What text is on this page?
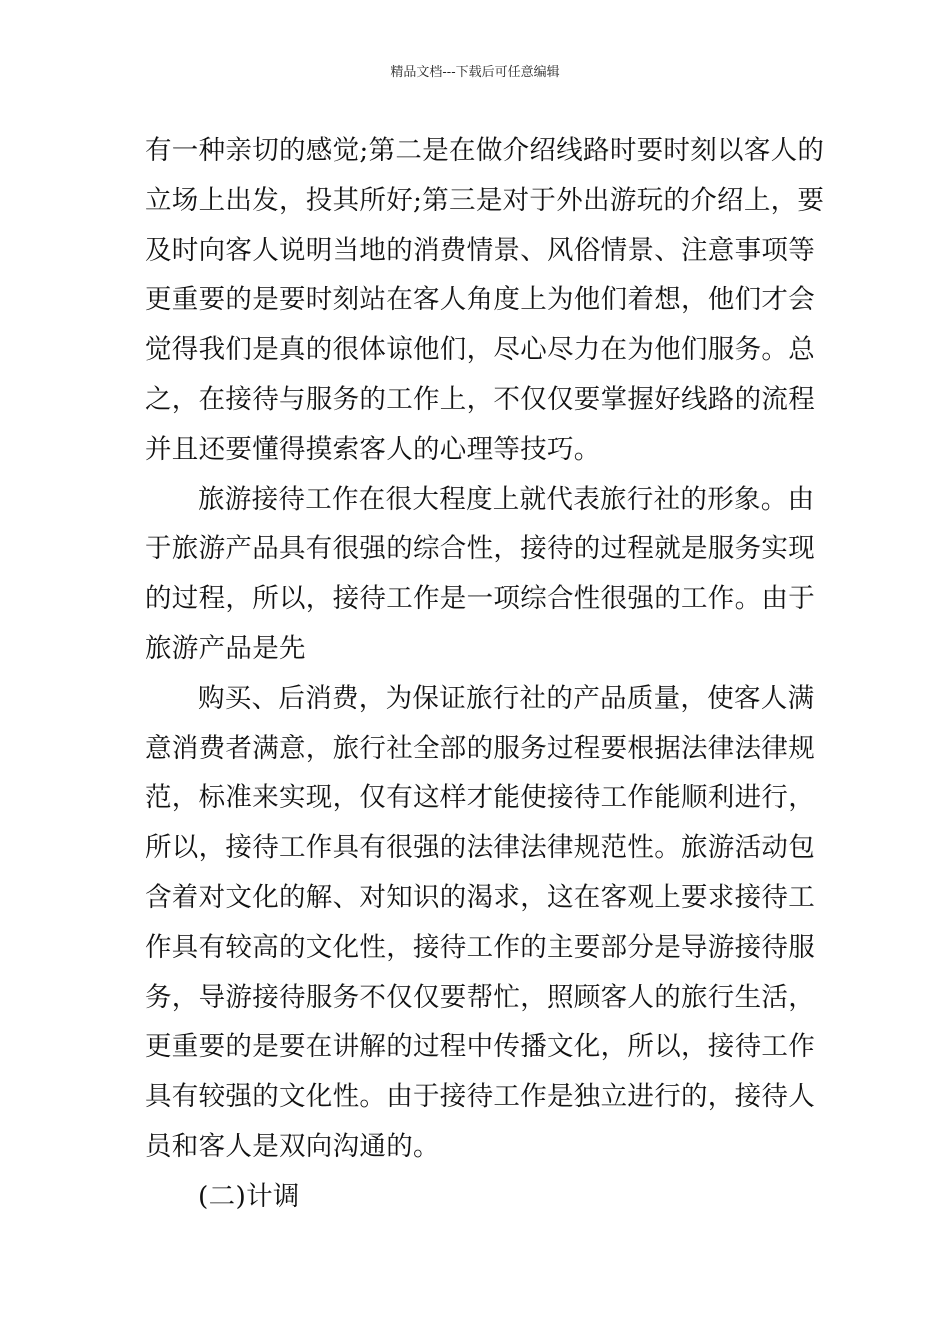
精品文档---下载后可任意编辑
有一种亲切的感觉;第二是在做介绍线路时要时刻以客人的
立场上出发，投其所好;第三是对于外出游玩的介绍上，要
及时向客人说明当地的消费情景、风俗情景、注意事项等
更重要的是要时刻站在客人角度上为他们着想，他们才会
觉得我们是真的很体谅他们，尽心尽力在为他们服务。总
之，在接待与服务的工作上，不仅仅要掌握好线路的流程
并且还要懂得摸索客人的心理等技巧。
旅游接待工作在很大程度上就代表旅行社的形象。由
于旅游产品具有很强的综合性，接待的过程就是服务实现
的过程，所以，接待工作是一项综合性很强的工作。由于
旅游产品是先
购买、后消费，为保证旅行社的产品质量，使客人满
意消费者满意，旅行社全部的服务过程要根据法律法律规
范，标准来实现，仅有这样才能使接待工作能顺利进行，
所以，接待工作具有很强的法律法律规范性。旅游活动包
含着对文化的解、对知识的渴求，这在客观上要求接待工
作具有较高的文化性，接待工作的主要部分是导游接待服
务，导游接待服务不仅仅要帮忙，照顾客人的旅行生活，
更重要的是要在讲解的过程中传播文化，所以，接待工作
具有较强的文化性。由于接待工作是独立进行的，接待人
员和客人是双向沟通的。
(二)计调
